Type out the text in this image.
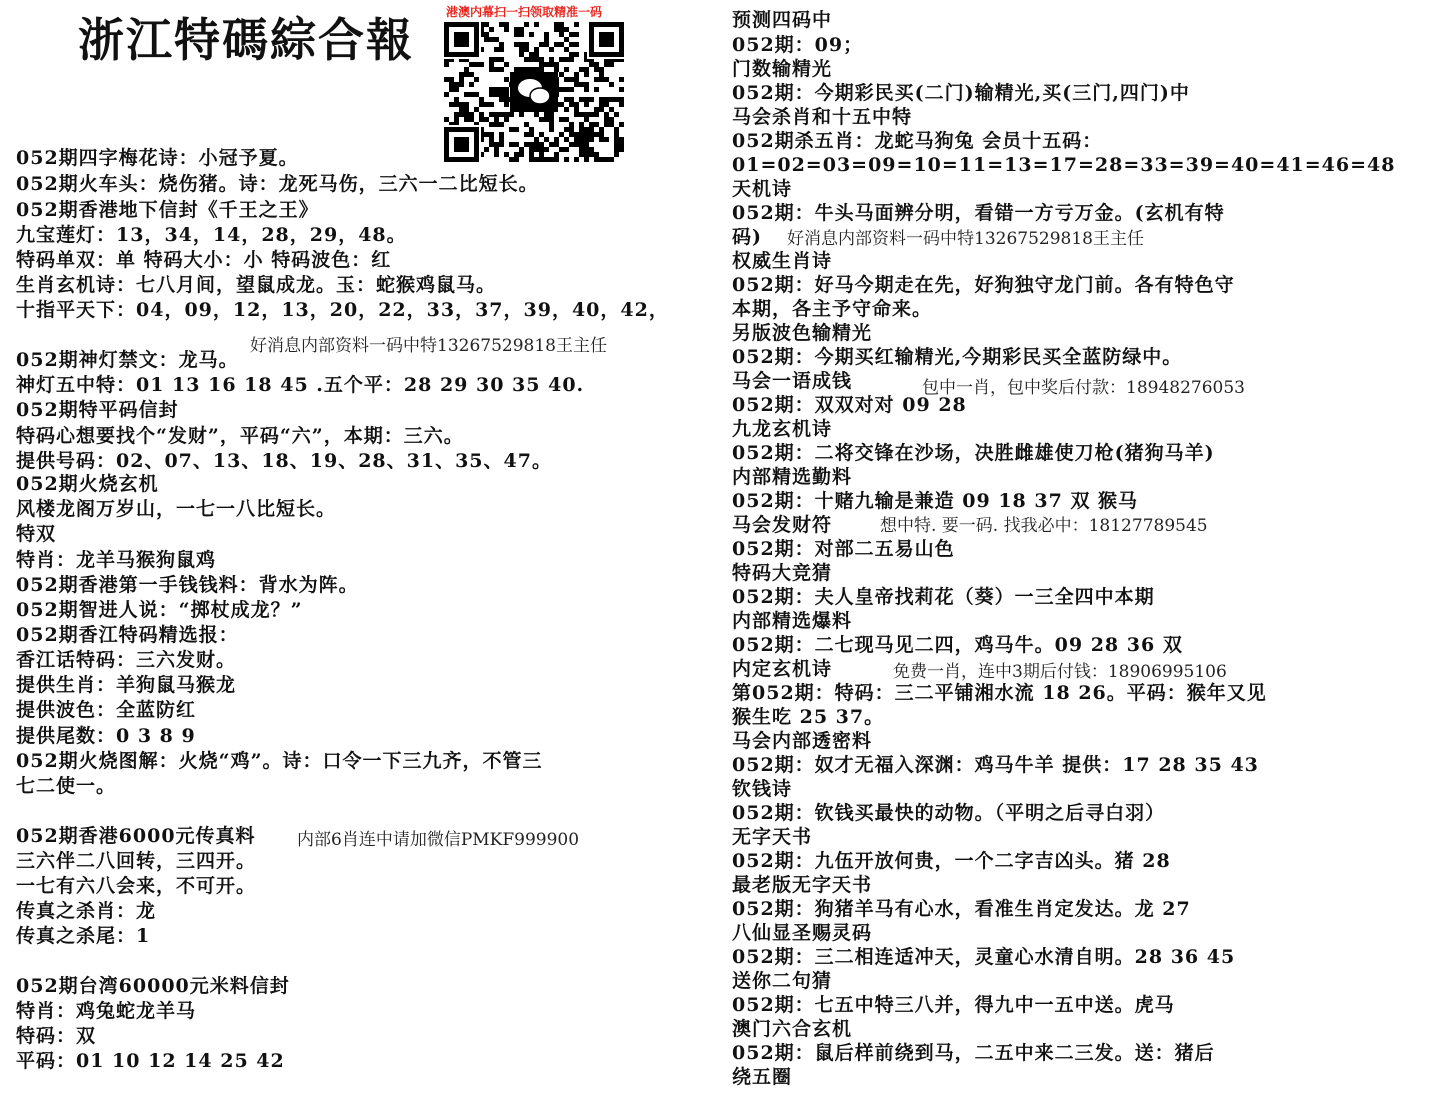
浙江特碼綜合報
港澳内幕扫一扫领取精准一码
052期四字梅花诗：小冠予夏。
052期火车头：烧伤猪。诗：龙死马伤，三六一二比短长。
052期香港地下信封《千王之王》
九宝莲灯：13，34，14，28，29，48。
特码单双：单 特码大小：小 特码波色：红
生肖玄机诗：七八月间，望鼠成龙。玉：蛇猴鸡鼠马。
十指平天下：04，09，12，13，20，22，33，37，39，40，42，
052期神灯禁文：龙马。
神灯五中特：01 13 16 18 45 .五个平：28 29 30 35 40.
052期特平码信封
特码心想要找个“发财”，平码“六”，本期：三六。
提供号码：02、07、13、18、19、28、31、35、47。
052期火烧玄机
风楼龙阁万岁山，一七一八比短长。
特双
特肖：龙羊马猴狗鼠鸡
052期香港第一手钱钱料：背水为阵。
052期智进人说：“掷杖成龙？”
052期香江特码精选报：
香江话特码：三六发财。
提供生肖：羊狗鼠马猴龙
提供波色：全蓝防红
提供尾数：0 3 8 9
052期火烧图解：火烧“鸡”。诗：口令一下三九齐，不管三
七二使一。
052期香港6000元传真料
三六伴二八回转，三四开。
一七有六八会来，不可开。
传真之杀肖：龙
传真之杀尾：1
052期台湾60000元米料信封
特肖：鸡兔蛇龙羊马
特码：双
平码：01 10 12 14 25 42
预测四码中
052期：09；
门数输精光
052期：今期彩民买(二门)输精光,买(三门,四门)中
马会杀肖和十五中特
052期杀五肖：龙蛇马狗兔 会员十五码：
01=02=03=09=10=11=13=17=28=33=39=40=41=46=48
天机诗
052期：牛头马面辨分明，看错一方亏万金。(玄机有特
码)
权威生肖诗
052期：好马今期走在先，好狗独守龙门前。各有特色守
本期，各主予守命来。
另版波色输精光
052期：今期买红输精光,今期彩民买全蓝防绿中。
马会一语成钱
052期：双双对对 09 28
九龙玄机诗
052期：二将交锋在沙场，决胜雌雄使刀枪(猪狗马羊)
内部精选勤料
052期：十赌九输是兼造 09 18 37 双 猴马
马会发财符
052期：对部二五易山色
特码大竞猜
052期：夫人皇帝找莉花（葵）一三全四中本期
内部精选爆料
052期：二七现马见二四，鸡马牛。09 28 36 双
内定玄机诗
第052期：特码：三二平铺湘水流 18 26。平码：猴年又见
猴生吃 25 37。
马会内部透密料
052期：奴才无福入深渊：鸡马牛羊 提供：17 28 35 43
钦钱诗
052期：钦钱买最快的动物。（平明之后寻白羽）
无字天书
052期：九伍开放何贵，一个二字吉凶头。猪 28
最老版无字天书
052期：狗猪羊马有心水，看准生肖定发达。龙 27
八仙显圣赐灵码
052期：三二相连适冲天，灵童心水清自明。28 36 45
送你二句猜
052期：七五中特三八并，得九中一五中送。虎马
澳门六合玄机
052期：鼠后样前绕到马，二五中来二三发。送：猪后
绕五圈
好消息内部资料一码中特13267529818王主任
内部6肖连中请加微信PMKF999900
好消息内部资料一码中特13267529818王主任
包中一肖，包中奖后付款：18948276053
想中特. 要一码. 找我必中：18127789545
免费一肖，连中3期后付钱：18906995106
